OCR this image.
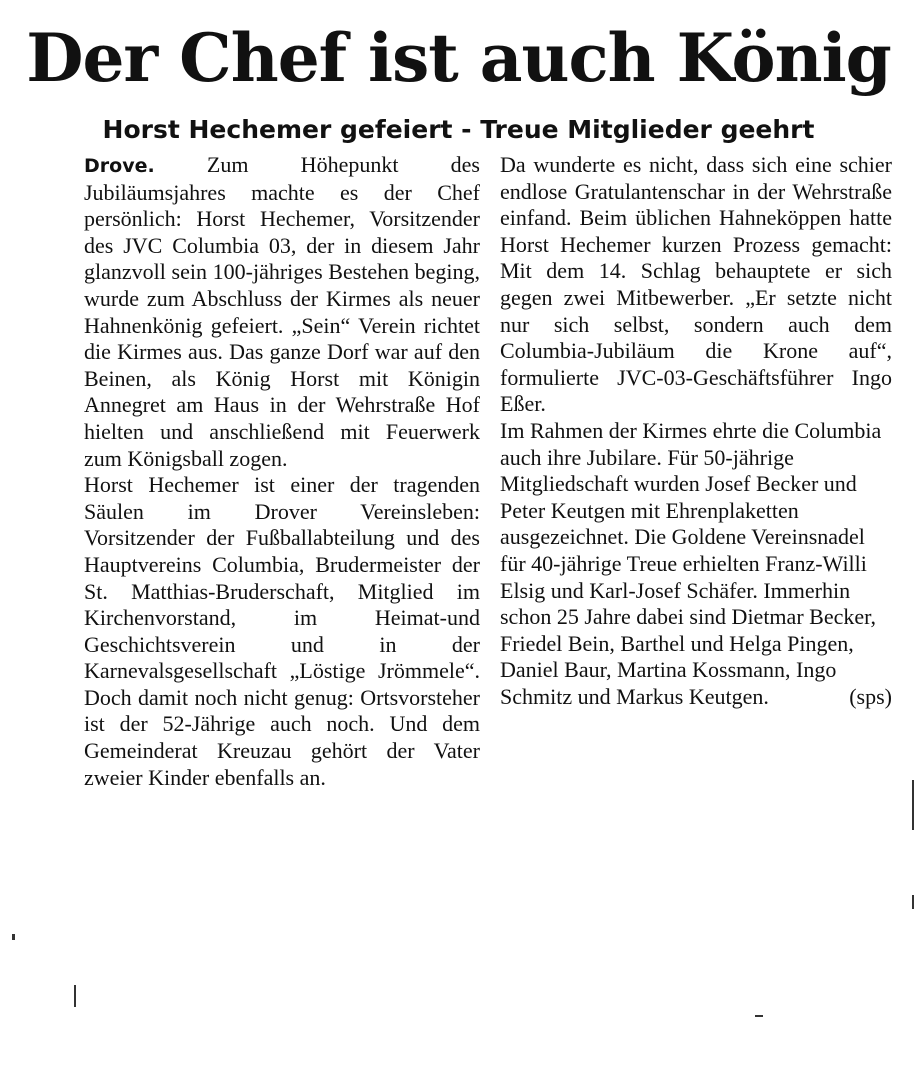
Der Chef ist auch König
Horst Hechemer gefeiert - Treue Mitglieder geehrt

Drove. Zum Höhepunkt des Jubiläumsjahres machte es der Chef persönlich: Horst Hechemer, Vorsitzender des JVC Columbia 03, der in diesem Jahr glanzvoll sein 100-jähriges Bestehen beging, wurde zum Abschluss der Kirmes als neuer Hahnenkönig gefeiert. „Sein“ Verein richtet die Kirmes aus. Das ganze Dorf war auf den Beinen, als König Horst mit Königin Annegret am Haus in der Wehrstraße Hof hielten und anschließend mit Feuerwerk zum Königsball zogen.

Horst Hechemer ist einer der tragenden Säulen im Drover Vereinsleben: Vorsitzender der Fußballabteilung und des Hauptvereins Columbia, Brudermeister der St. Matthias-Bruderschaft, Mitglied im Kirchenvorstand, im Heimat-und Geschichtsverein und in der Karnevalsgesellschaft „Löstige Jrömmele“. Doch damit noch nicht genug: Ortsvorsteher ist der 52-Jährige auch noch. Und dem Gemeinderat Kreuzau gehört der Vater zweier Kinder ebenfalls an.

Da wunderte es nicht, dass sich eine schier endlose Gratulantenschar in der Wehrstraße einfand. Beim üblichen Hahneköppen hatte Horst Hechemer kurzen Prozess gemacht: Mit dem 14. Schlag behauptete er sich gegen zwei Mitbewerber. „Er setzte nicht nur sich selbst, sondern auch dem Columbia-Jubiläum die Krone auf“, formulierte JVC-03-Geschäftsführer Ingo Eßer.

Im Rahmen der Kirmes ehrte die Columbia auch ihre Jubilare. Für 50-jährige Mitgliedschaft wurden Josef Becker und Peter Keutgen mit Ehrenplaketten ausgezeichnet. Die Goldene Vereinsnadel für 40-jährige Treue erhielten Franz-Willi Elsig und Karl-Josef Schäfer. Immerhin schon 25 Jahre dabei sind Dietmar Becker, Friedel Bein, Barthel und Helga Pingen, Daniel Baur, Martina Kossmann, Ingo Schmitz und Markus Keutgen.	(sps)
